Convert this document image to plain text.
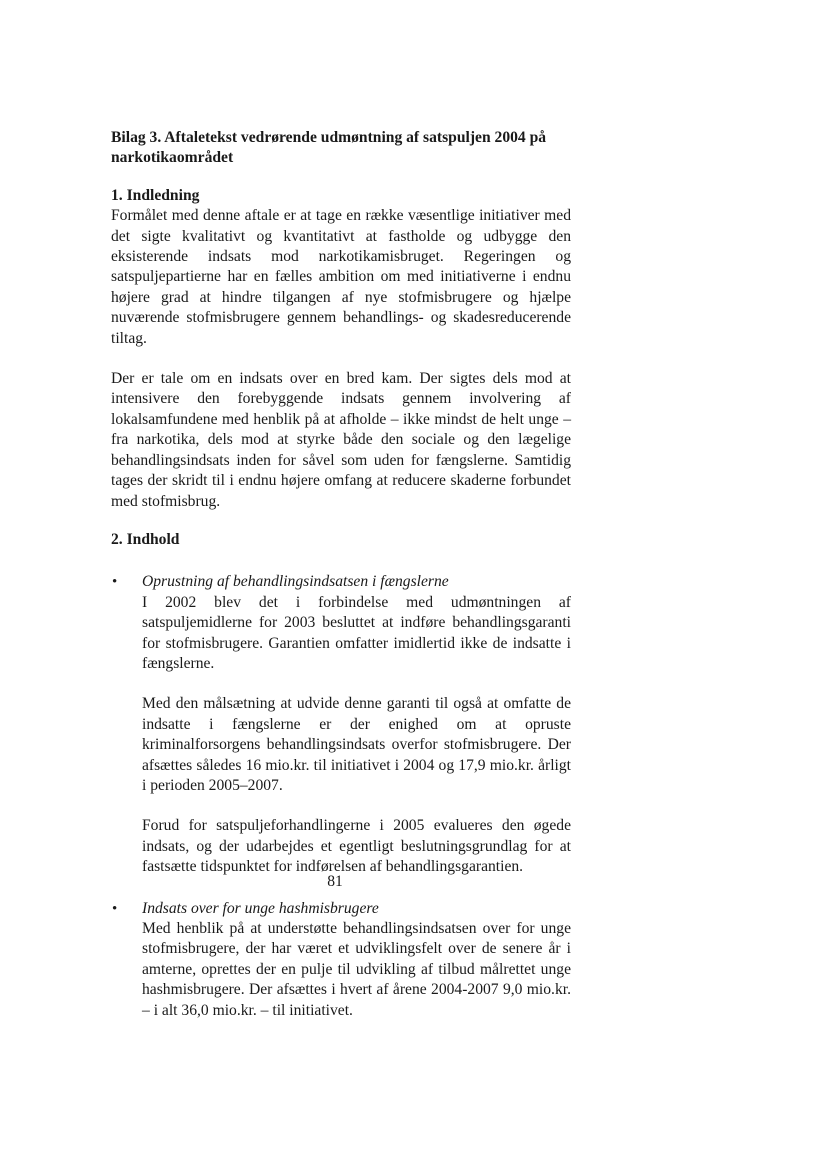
Bilag 3. Aftaletekst vedrørende udmøntning af satspuljen 2004 på narkotikaområdet
1. Indledning

Formålet med denne aftale er at tage en række væsentlige initiativer med det sigte kvalitativt og kvantitativt at fastholde og udbygge den eksisterende indsats mod narkotikamisbruget. Regeringen og satspuljepartierne har en fælles ambition om med initiativerne i endnu højere grad at hindre tilgangen af nye stofmisbrugere og hjælpe nuværende stofmisbrugere gennem behandlings- og skadesreducerende tiltag.

Der er tale om en indsats over en bred kam. Der sigtes dels mod at intensivere den forebyggende indsats gennem involvering af lokalsamfundene med henblik på at afholde – ikke mindst de helt unge – fra narkotika, dels mod at styrke både den sociale og den lægelige behandlingsindsats inden for såvel som uden for fængslerne. Samtidig tages der skridt til i endnu højere omfang at reducere skaderne forbundet med stofmisbrug.

2. Indhold
• Oprustning af behandlingsindsatsen i fængslerne

I 2002 blev det i forbindelse med udmøntningen af satspuljemidlerne for 2003 besluttet at indføre behandlingsgaranti for stofmisbrugere. Garantien omfatter imidlertid ikke de indsatte i fængslerne.

Med den målsætning at udvide denne garanti til også at omfatte de indsatte i fængslerne er der enighed om at opruste kriminalforsorgens behandlingsindsats overfor stofmisbrugere. Der afsættes således 16 mio.kr. til initiativet i 2004 og 17,9 mio.kr. årligt i perioden 2005–2007.

Forud for satspuljeforhandlingerne i 2005 evalueres den øgede indsats, og der udarbejdes et egentligt beslutningsgrundlag for at fastsætte tidspunktet for indførelsen af behandlingsgarantien.

• Indsats over for unge hashmisbrugere

Med henblik på at understøtte behandlingsindsatsen over for unge stofmisbrugere, der har været et udviklingsfelt over de senere år i amterne, oprettes der en pulje til udvikling af tilbud målrettet unge hashmisbrugere. Der afsættes i hvert af årene 2004-2007 9,0 mio.kr. – i alt 36,0 mio.kr. – til initiativet.

81
